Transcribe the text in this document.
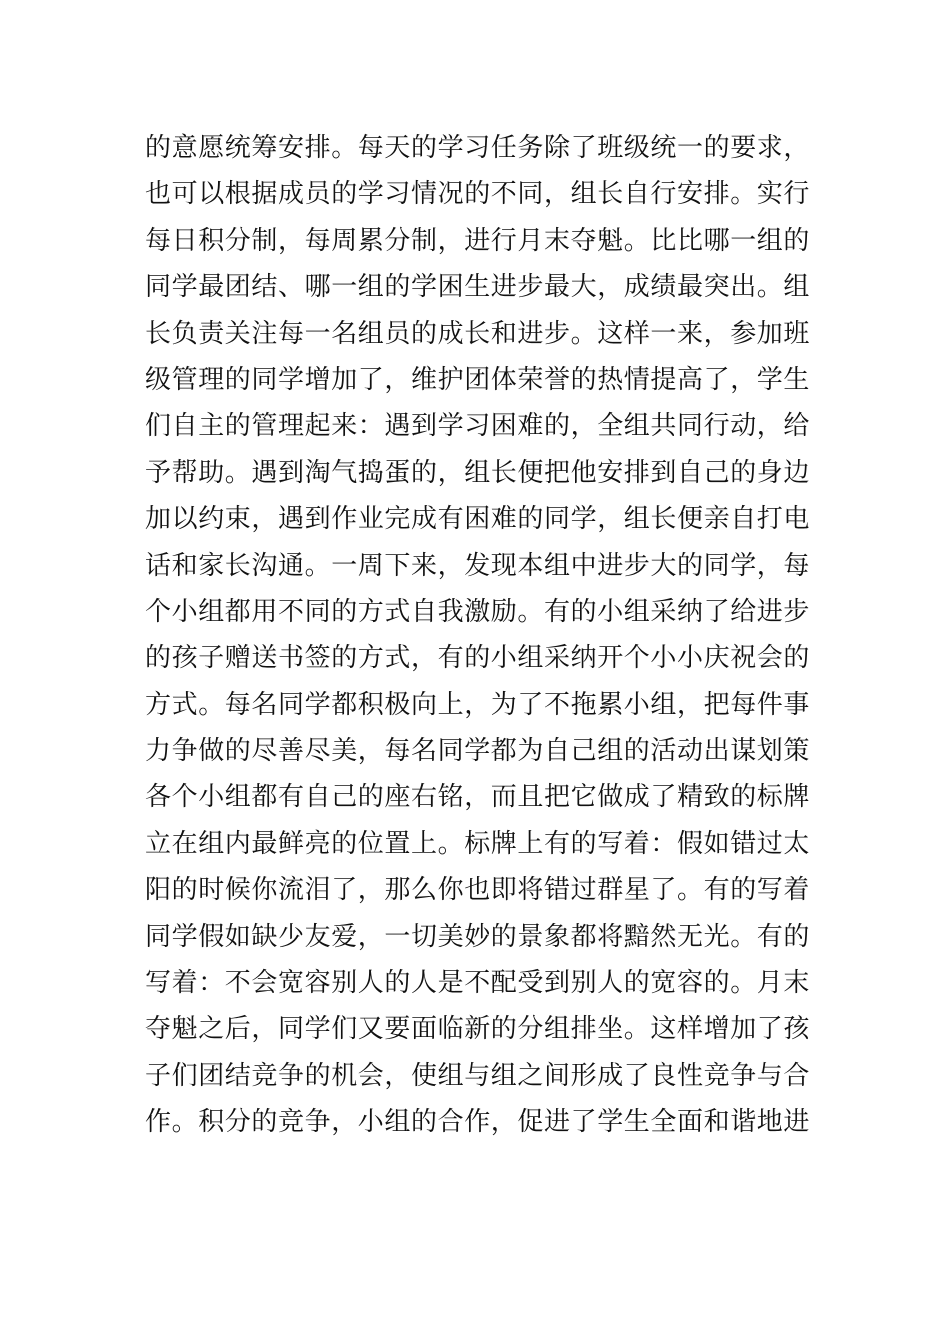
的意愿统筹安排。每天的学习任务除了班级统一的要求，
也可以根据成员的学习情况的不同，组长自行安排。实行
每日积分制，每周累分制，进行月末夺魁。比比哪一组的
同学最团结、哪一组的学困生进步最大，成绩最突出。组
长负责关注每一名组员的成长和进步。这样一来，参加班
级管理的同学增加了，维护团体荣誉的热情提高了，学生
们自主的管理起来：遇到学习困难的，全组共同行动，给
予帮助。遇到淘气捣蛋的，组长便把他安排到自己的身边
加以约束，遇到作业完成有困难的同学，组长便亲自打电
话和家长沟通。一周下来，发现本组中进步大的同学，每
个小组都用不同的方式自我激励。有的小组采纳了给进步
的孩子赠送书签的方式，有的小组采纳开个小小庆祝会的
方式。每名同学都积极向上，为了不拖累小组，把每件事
力争做的尽善尽美，每名同学都为自己组的活动出谋划策
各个小组都有自己的座右铭，而且把它做成了精致的标牌
立在组内最鲜亮的位置上。标牌上有的写着：假如错过太
阳的时候你流泪了，那么你也即将错过群星了。有的写着
同学假如缺少友爱，一切美妙的景象都将黯然无光。有的
写着：不会宽容别人的人是不配受到别人的宽容的。月末
夺魁之后，同学们又要面临新的分组排坐。这样增加了孩
子们团结竞争的机会，使组与组之间形成了良性竞争与合
作。积分的竞争，小组的合作，促进了学生全面和谐地进
